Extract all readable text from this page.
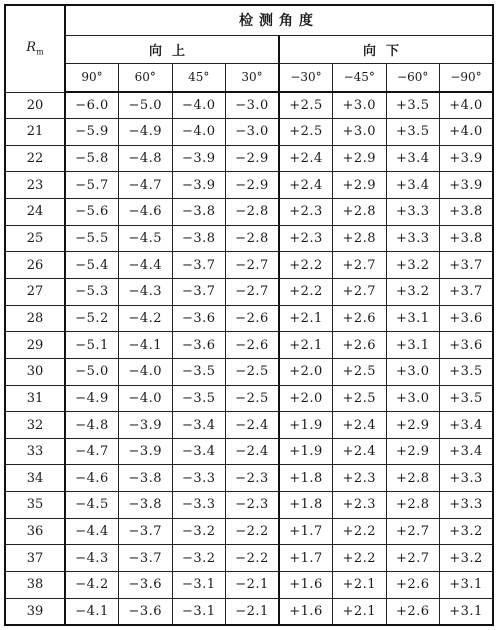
$R_m$	检测角度							
	向上				向下			
	90°	60°	45°	30°	−30°	−45°	−60°	−90°
20	−6.0	−5.0	−4.0	−3.0	+2.5	+3.0	+3.5	+4.0
21	−5.9	−4.9	−4.0	−3.0	+2.5	+3.0	+3.5	+4.0
22	−5.8	−4.8	−3.9	−2.9	+2.4	+2.9	+3.4	+3.9
23	−5.7	−4.7	−3.9	−2.9	+2.4	+2.9	+3.4	+3.9
24	−5.6	−4.6	−3.8	−2.8	+2.3	+2.8	+3.3	+3.8
25	−5.5	−4.5	−3.8	−2.8	+2.3	+2.8	+3.3	+3.8
26	−5.4	−4.4	−3.7	−2.7	+2.2	+2.7	+3.2	+3.7
27	−5.3	−4.3	−3.7	−2.7	+2.2	+2.7	+3.2	+3.7
28	−5.2	−4.2	−3.6	−2.6	+2.1	+2.6	+3.1	+3.6
29	−5.1	−4.1	−3.6	−2.6	+2.1	+2.6	+3.1	+3.6
30	−5.0	−4.0	−3.5	−2.5	+2.0	+2.5	+3.0	+3.5
31	−4.9	−4.0	−3.5	−2.5	+2.0	+2.5	+3.0	+3.5
32	−4.8	−3.9	−3.4	−2.4	+1.9	+2.4	+2.9	+3.4
33	−4.7	−3.9	−3.4	−2.4	+1.9	+2.4	+2.9	+3.4
34	−4.6	−3.8	−3.3	−2.3	+1.8	+2.3	+2.8	+3.3
35	−4.5	−3.8	−3.3	−2.3	+1.8	+2.3	+2.8	+3.3
36	−4.4	−3.7	−3.2	−2.2	+1.7	+2.2	+2.7	+3.2
37	−4.3	−3.7	−3.2	−2.2	+1.7	+2.2	+2.7	+3.2
38	−4.2	−3.6	−3.1	−2.1	+1.6	+2.1	+2.6	+3.1
39	−4.1	−3.6	−3.1	−2.1	+1.6	+2.1	+2.6	+3.1
